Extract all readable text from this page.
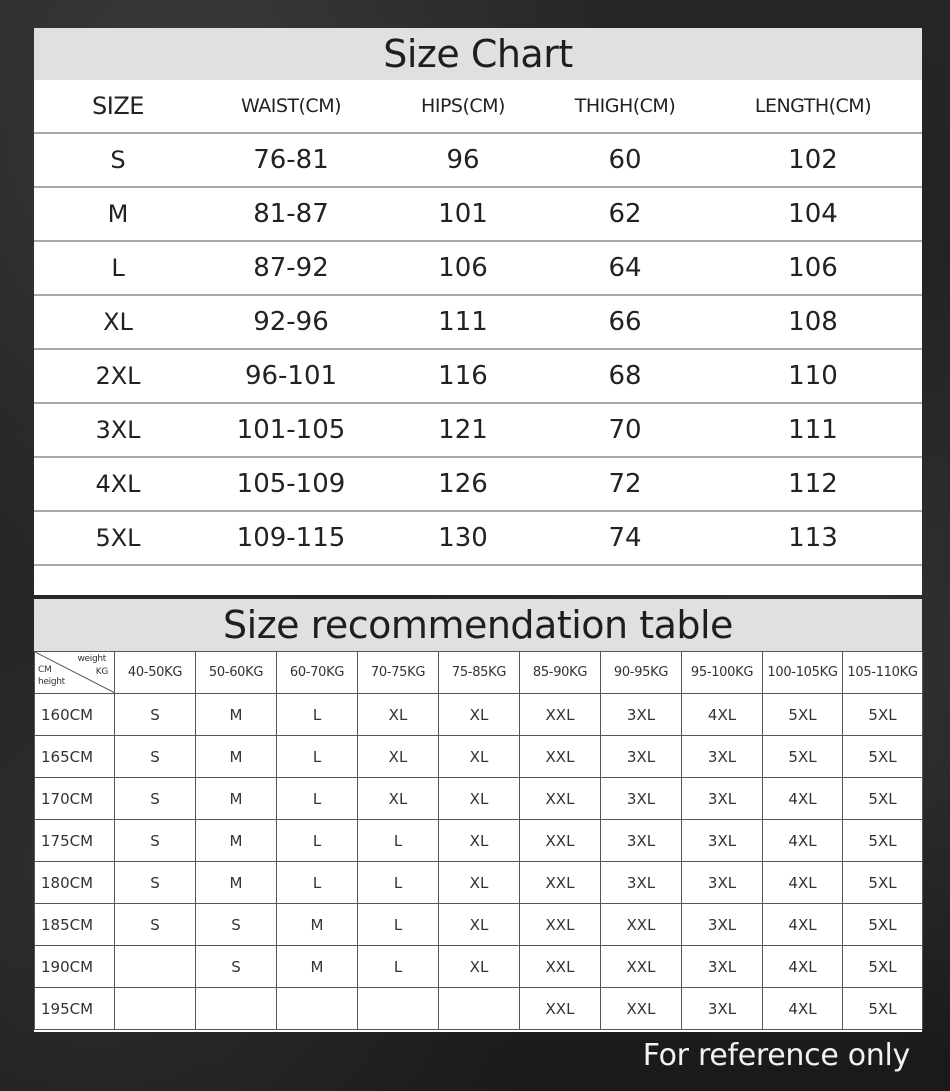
Size Chart
SIZE	WAIST(CM)	HIPS(CM)	THIGH(CM)	LENGTH(CM)
S	76-81	96	60	102
M	81-87	101	62	104
L	87-92	106	64	106
XL	92-96	111	66	108
2XL	96-101	116	68	110
3XL	101-105	121	70	111
4XL	105-109	126	72	112
5XL	109-115	130	74	113
Size recommendation table
weight
KG
CM
height	40-50KG	50-60KG	60-70KG	70-75KG	75-85KG	85-90KG	90-95KG	95-100KG	100-105KG	105-110KG
160CM	S	M	L	XL	XL	XXL	3XL	4XL	5XL	5XL
165CM	S	M	L	XL	XL	XXL	3XL	3XL	5XL	5XL
170CM	S	M	L	XL	XL	XXL	3XL	3XL	4XL	5XL
175CM	S	M	L	L	XL	XXL	3XL	3XL	4XL	5XL
180CM	S	M	L	L	XL	XXL	3XL	3XL	4XL	5XL
185CM	S	S	M	L	XL	XXL	XXL	3XL	4XL	5XL
190CM		S	M	L	XL	XXL	XXL	3XL	4XL	5XL
195CM						XXL	XXL	3XL	4XL	5XL
For reference only
